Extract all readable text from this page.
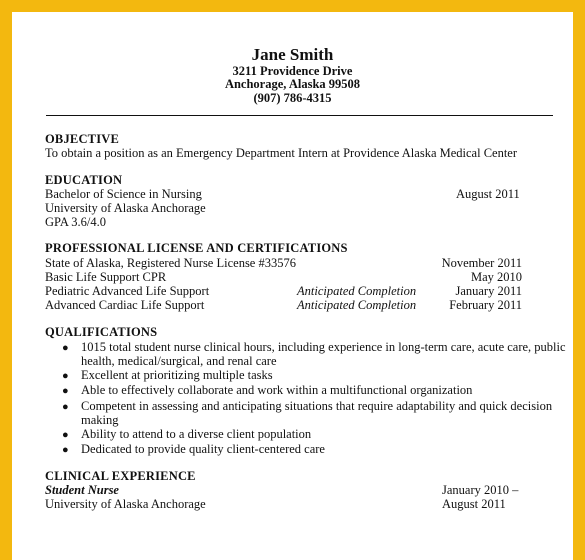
Jane Smith
3211 Providence Drive
Anchorage, Alaska 99508
(907) 786-4315
OBJECTIVE
To obtain a position as an Emergency Department Intern at Providence Alaska Medical Center
EDUCATION
Bachelor of Science in Nursing	August 2011
University of Alaska Anchorage
GPA 3.6/4.0
PROFESSIONAL LICENSE AND CERTIFICATIONS
State of Alaska, Registered Nurse License #33576	November 2011
Basic Life Support CPR	May 2010
Pediatric Advanced Life Support	Anticipated Completion	January 2011
Advanced Cardiac Life Support	Anticipated Completion	February 2011
QUALIFICATIONS
● 1015 total student nurse clinical hours, including experience in long-term care, acute care, public
health, medical/surgical, and renal care
● Excellent at prioritizing multiple tasks
● Able to effectively collaborate and work within a multifunctional organization
● Competent in assessing and anticipating situations that require adaptability and quick decision
making
● Ability to attend to a diverse client population
● Dedicated to provide quality client-centered care
CLINICAL EXPERIENCE
Student Nurse	January 2010 –
University of Alaska Anchorage	August 2011
